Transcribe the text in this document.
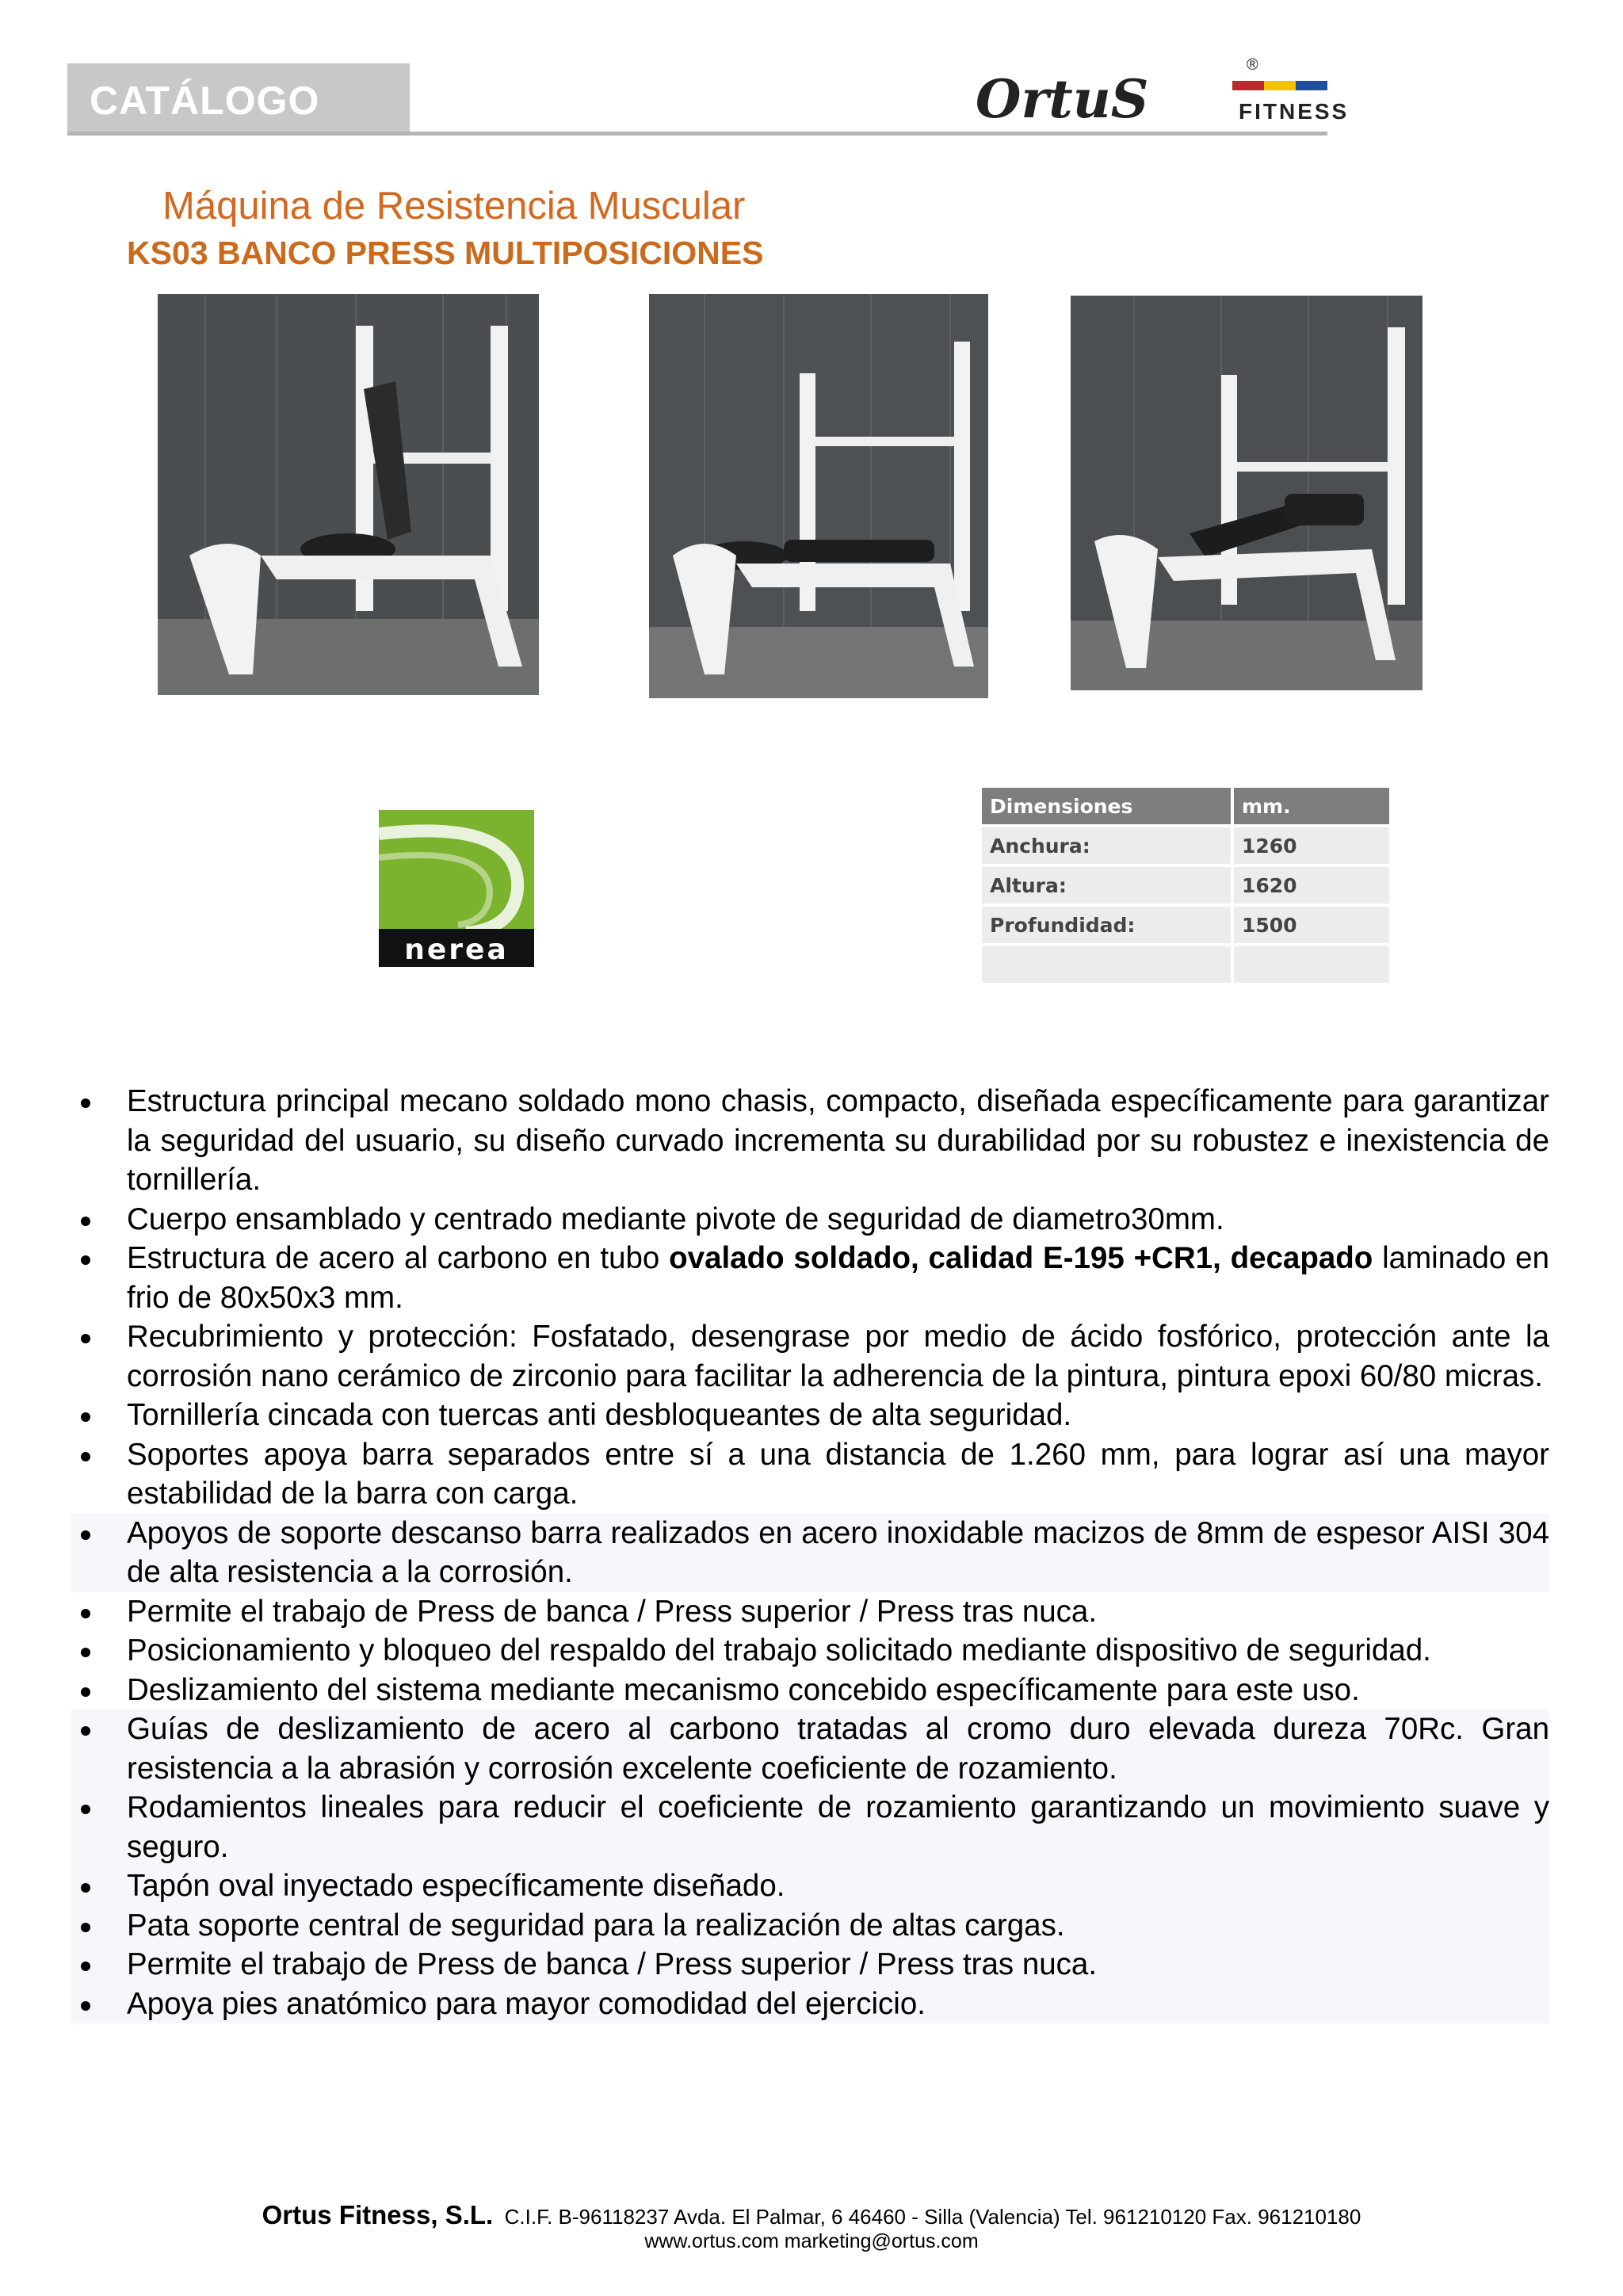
CATÁLOGO	OrtuS
®
FITNESS
Máquina de Resistencia Muscular
KS03 BANCO PRESS MULTIPOSICIONES
nerea
Dimensiones	mm.
Anchura:	1260
Altura:	1620
Profundidad:	1500

Estructura principal mecano soldado mono chasis, compacto, diseñada específicamente para garantizar la seguridad del usuario, su diseño curvado incrementa su durabilidad por su robustez e inexistencia de tornillería.
Cuerpo ensamblado y centrado mediante pivote de seguridad de diametro30mm.
Estructura de acero al carbono en tubo ovalado soldado, calidad E-195 +CR1, decapado laminado en frio de 80x50x3 mm.
Recubrimiento y protección: Fosfatado, desengrase por medio de ácido fosfórico, protección ante la corrosión nano cerámico de zirconio para facilitar la adherencia de la pintura, pintura epoxi 60/80 micras.
Tornillería cincada con tuercas anti desbloqueantes de alta seguridad.
Soportes apoya barra separados entre sí a una distancia de 1.260 mm, para lograr así una mayor estabilidad de la barra con carga.
Apoyos de soporte descanso barra realizados en acero inoxidable macizos de 8mm de espesor AISI 304 de alta resistencia a la corrosión.
Permite el trabajo de Press de banca / Press superior / Press tras nuca.
Posicionamiento y bloqueo del respaldo del trabajo solicitado mediante dispositivo de seguridad.
Deslizamiento del sistema mediante mecanismo concebido específicamente para este uso.
Guías de deslizamiento de acero al carbono tratadas al cromo duro elevada dureza 70Rc. Gran resistencia a la abrasión y corrosión excelente coeficiente de rozamiento.
Rodamientos lineales para reducir el coeficiente de rozamiento garantizando un movimiento suave y seguro.
Tapón oval inyectado específicamente diseñado.
Pata soporte central de seguridad para la realización de altas cargas.
Permite el trabajo de Press de banca / Press superior / Press tras nuca.
Apoya pies anatómico para mayor comodidad del ejercicio.
Ortus Fitness, S.L. C.I.F. B-96118237 Avda. El Palmar, 6 46460 - Silla (Valencia) Tel. 961210120 Fax. 961210180
www.ortus.com marketing@ortus.com
